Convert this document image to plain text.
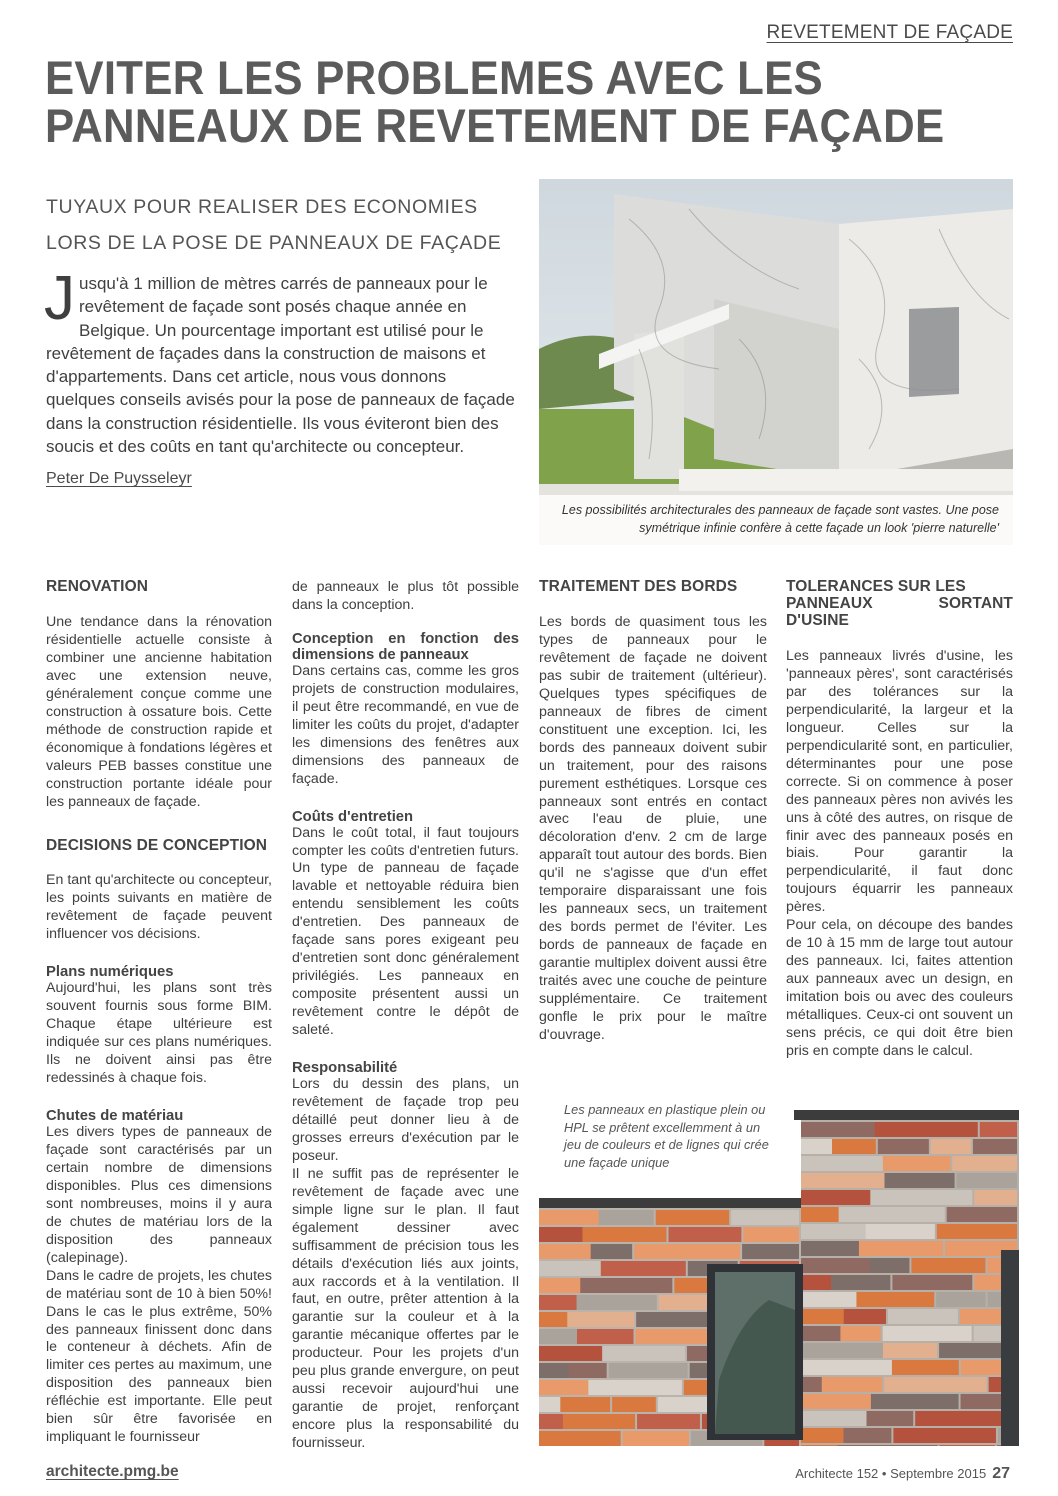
REVETEMENT DE FAÇADE
EVITER LES PROBLEMES AVEC LES
PANNEAUX DE REVETEMENT DE FAÇADE
TUYAUX POUR REALISER DES ECONOMIES
LORS DE LA POSE DE PANNEAUX DE FAÇADE

Jusqu'à 1 million de mètres carrés de panneaux pour le revêtement de façade sont posés chaque année en Belgique. Un pourcentage important est utilisé pour le revêtement de façades dans la construction de maisons et d'appartements. Dans cet article, nous vous donnons quelques conseils avisés pour la pose de panneaux de façade dans la construction résidentielle. Ils vous éviteront bien des soucis et des coûts en tant qu'architecte ou concepteur.

Peter De Puysseleyr
Les possibilités architecturales des panneaux de façade sont vastes. Une pose symétrique infinie confère à cette façade un look 'pierre naturelle'
RENOVATION

Une tendance dans la rénovation résidentielle actuelle consiste à combiner une ancienne habitation avec une extension neuve, généralement conçue comme une construction à ossature bois. Cette méthode de construction rapide et économique à fondations légères et valeurs PEB basses constitue une construction portante idéale pour les panneaux de façade.

DECISIONS DE CONCEPTION

En tant qu'architecte ou concepteur, les points suivants en matière de revêtement de façade peuvent influencer vos décisions.

Plans numériques

Aujourd'hui, les plans sont très souvent fournis sous forme BIM. Chaque étape ultérieure est indiquée sur ces plans numériques. Ils ne doivent ainsi pas être redessinés à chaque fois.

Chutes de matériau

Les divers types de panneaux de façade sont caractérisés par un certain nombre de dimensions disponibles. Plus ces dimensions sont nombreuses, moins il y aura de chutes de matériau lors de la disposition des panneaux (calepinage).

Dans le cadre de projets, les chutes de matériau sont de 10 à bien 50%! Dans le cas le plus extrême, 50% des panneaux finissent donc dans le conteneur à déchets. Afin de limiter ces pertes au maximum, une disposition des panneaux bien réfléchie est importante. Elle peut bien sûr être favorisée en impliquant le fournisseur

de panneaux le plus tôt possible dans la conception.

Conception en fonction des dimensions de panneaux

Dans certains cas, comme les gros projets de construction modulaires, il peut être recommandé, en vue de limiter les coûts du projet, d'adapter les dimensions des fenêtres aux dimensions des panneaux de façade.

Coûts d'entretien

Dans le coût total, il faut toujours compter les coûts d'entretien futurs. Un type de panneau de façade lavable et nettoyable réduira bien entendu sensiblement les coûts d'entretien. Des panneaux de façade sans pores exigeant peu d'entretien sont donc généralement privilégiés. Les panneaux en composite présentent aussi un revêtement contre le dépôt de saleté.

Responsabilité

Lors du dessin des plans, un revêtement de façade trop peu détaillé peut donner lieu à de grosses erreurs d'exécution par le poseur.

Il ne suffit pas de représenter le revêtement de façade avec une simple ligne sur le plan. Il faut également dessiner avec suffisamment de précision tous les détails d'exécution liés aux joints, aux raccords et à la ventilation. Il faut, en outre, prêter attention à la garantie sur la couleur et à la garantie mécanique offertes par le producteur. Pour les projets d'un peu plus grande envergure, on peut aussi recevoir aujourd'hui une garantie de projet, renforçant encore plus la responsabilité du fournisseur.

TRAITEMENT DES BORDS

Les bords de quasiment tous les types de panneaux pour le revêtement de façade ne doivent pas subir de traitement (ultérieur). Quelques types spécifiques de panneaux de fibres de ciment constituent une exception. Ici, les bords des panneaux doivent subir un traitement, pour des raisons purement esthétiques. Lorsque ces panneaux sont entrés en contact avec l'eau de pluie, une décoloration d'env. 2 cm de large apparaît tout autour des bords. Bien qu'il ne s'agisse que d'un effet temporaire disparaissant une fois les panneaux secs, un traitement des bords permet de l'éviter. Les bords de panneaux de façade en garantie multiplex doivent aussi être traités avec une couche de peinture supplémentaire. Ce traitement gonfle le prix pour le maître d'ouvrage.

TOLERANCES SUR LES
PANNEAUX SORTANT D'USINE

Les panneaux livrés d'usine, les 'panneaux pères', sont caractérisés par des tolérances sur la perpendicularité, la largeur et la longueur. Celles sur la perpendicularité sont, en particulier, déterminantes pour une pose correcte. Si on commence à poser des panneaux pères non avivés les uns à côté des autres, on risque de finir avec des panneaux posés en biais. Pour garantir la perpendicularité, il faut donc toujours équarrir les panneaux pères.

Pour cela, on découpe des bandes de 10 à 15 mm de large tout autour des panneaux. Ici, faites attention aux panneaux avec un design, en imitation bois ou avec des couleurs métalliques. Ceux-ci ont souvent un sens précis, ce qui doit être bien pris en compte dans le calcul.

Les panneaux en plastique plein ou HPL se prêtent excellemment à un jeu de couleurs et de lignes qui crée une façade unique
architecte.pmg.be	Architecte 152 • Septembre 2015 27
